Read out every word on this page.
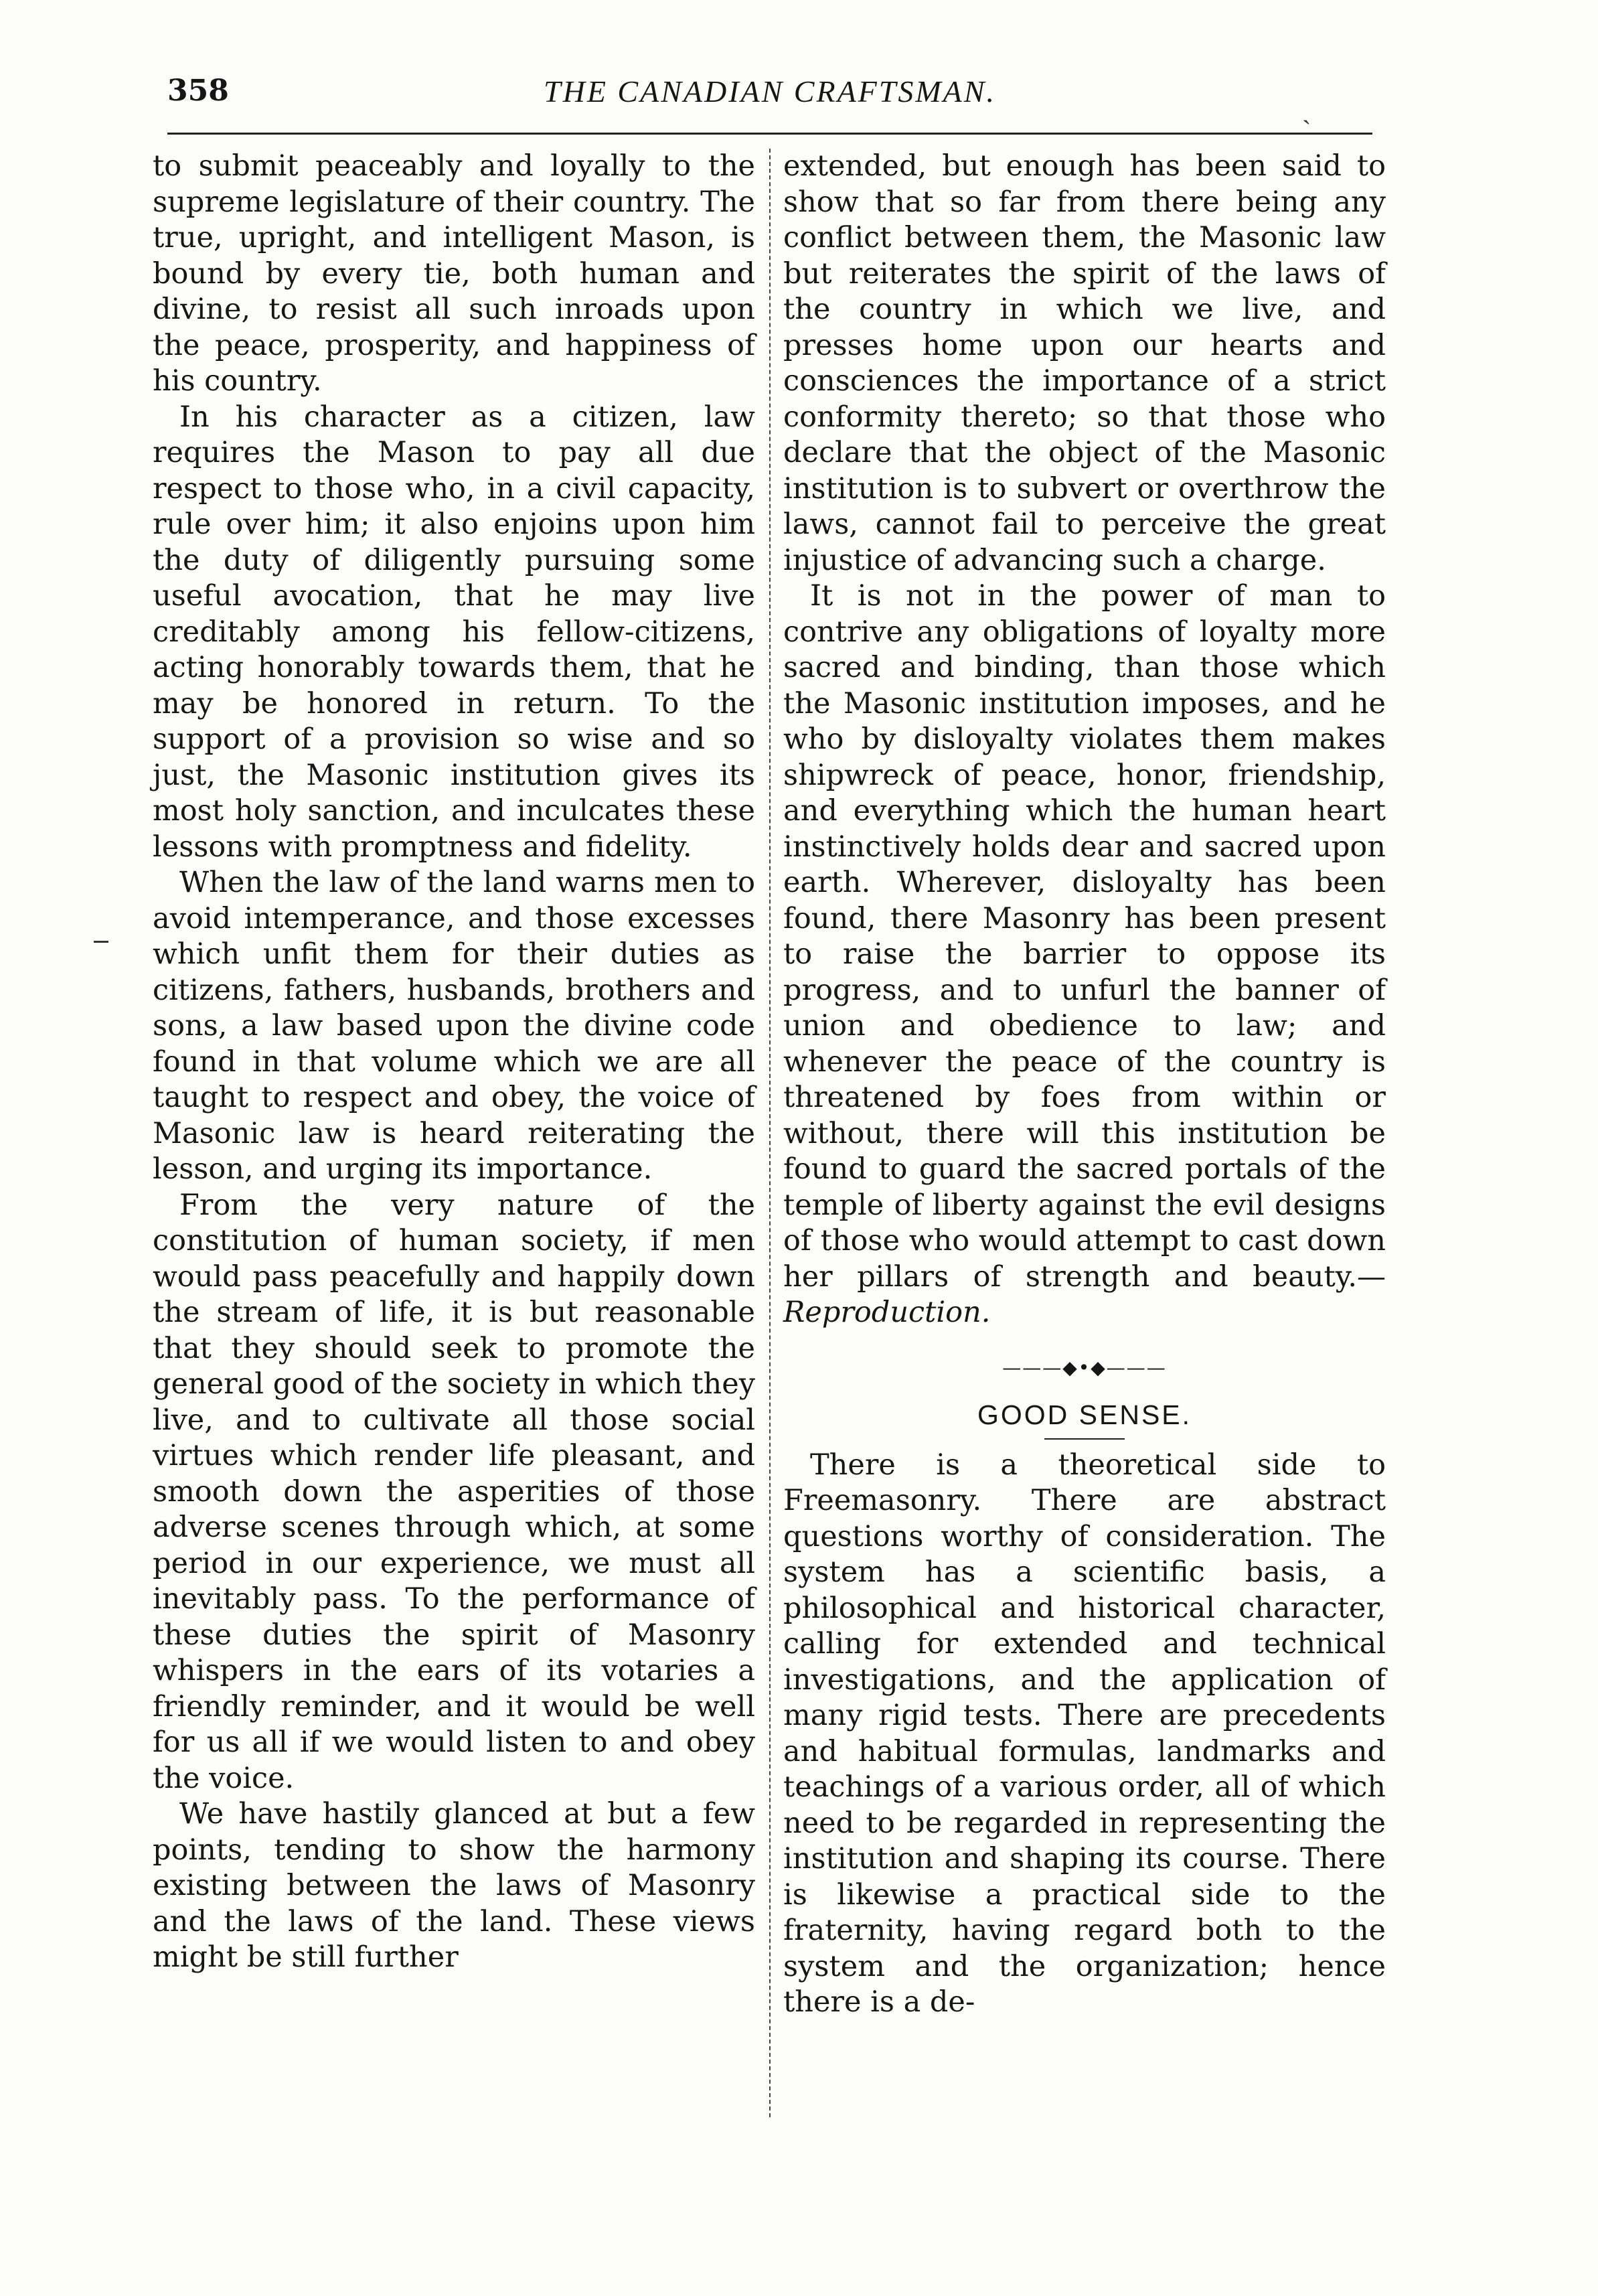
358	THE CANADIAN CRAFTSMAN.
ˏ

to submit peaceably and loyally to the supreme legislature of their country. The true, upright, and intelligent Mason, is bound by every tie, both human and divine, to resist all such inroads upon the peace, prosperity, and happiness of his country.

In his character as a citizen, law requires the Mason to pay all due respect to those who, in a civil capacity, rule over him; it also enjoins upon him the duty of diligently pursuing some useful avocation, that he may live creditably among his fellow-citizens, acting honorably towards them, that he may be honored in return. To the support of a provision so wise and so just, the Masonic institution gives its most holy sanction, and inculcates these lessons with promptness and fidelity.

When the law of the land warns men to avoid intemperance, and those excesses which unfit them for their duties as citizens, fathers, husbands, brothers and sons, a law based upon the divine code found in that volume which we are all taught to respect and obey, the voice of Masonic law is heard reiterating the lesson, and urging its importance.

From the very nature of the constitution of human society, if men would pass peacefully and happily down the stream of life, it is but reasonable that they should seek to promote the general good of the society in which they live, and to cultivate all those social virtues which render life pleasant, and smooth down the asperities of those adverse scenes through which, at some period in our experience, we must all inevitably pass. To the performance of these duties the spirit of Masonry whispers in the ears of its votaries a friendly reminder, and it would be well for us all if we would listen to and obey the voice.

We have hastily glanced at but a few points, tending to show the harmony existing between the laws of Masonry and the laws of the land. These views might be still further

extended, but enough has been said to show that so far from there being any conflict between them, the Masonic law but reiterates the spirit of the laws of the country in which we live, and presses home upon our hearts and consciences the importance of a strict conformity thereto; so that those who declare that the object of the Masonic institution is to subvert or overthrow the laws, cannot fail to perceive the great injustice of advancing such a charge.

It is not in the power of man to contrive any obligations of loyalty more sacred and binding, than those which the Masonic institution imposes, and he who by disloyalty violates them makes shipwreck of peace, honor, friendship, and everything which the human heart instinctively holds dear and sacred upon earth. Wherever, disloyalty has been found, there Masonry has been present to raise the barrier to oppose its progress, and to unfurl the banner of union and obedience to law; and whenever the peace of the country is threatened by foes from within or without, there will this institution be found to guard the sacred portals of the temple of liberty against the evil designs of those who would attempt to cast down her pillars of strength and beauty.—Reproduction.

———◆•◆———
GOOD SENSE.

There is a theoretical side to Freemasonry. There are abstract questions worthy of consideration. The system has a scientific basis, a philosophical and historical character, calling for extended and technical investigations, and the application of many rigid tests. There are precedents and habitual formulas, landmarks and teachings of a various order, all of which need to be regarded in representing the institution and shaping its course. There is likewise a practical side to the fraternity, having regard both to the system and the organization; hence there is a de-
